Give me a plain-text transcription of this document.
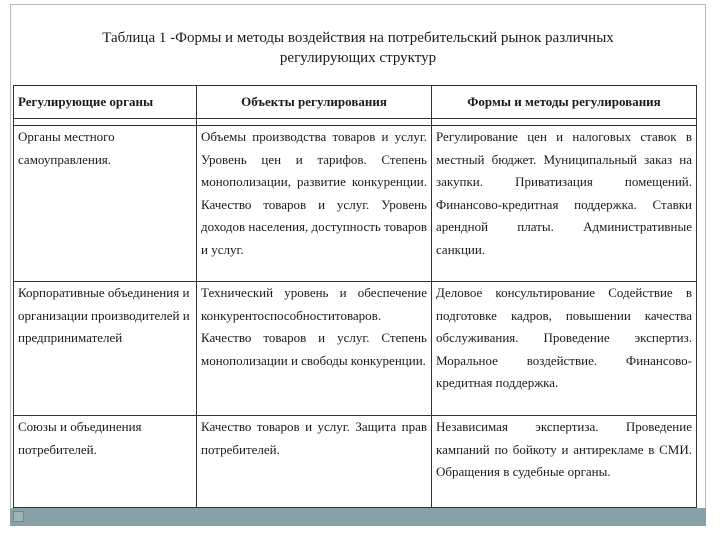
Таблица 1 -Формы и методы воздействия на потребительский рынок различных
регулирующих структур
Регулирующие органы	Объекты регулирования	Формы и методы регулирования

Органы местного самоуправления.	Объемы производства товаров и услуг. Уровень цен и тарифов. Степень монополизации, развитие конкуренции. Качество товаров и услуг. Уровень доходов населения, доступность товаров и услуг.	Регулирование цен и налоговых ставок в местный бюджет. Муниципальный заказ на закупки. Приватизация помещений. Финансово-кредитная поддержка. Ставки арендной платы. Административные санкции.
Корпоративные объединения и организации производителей и предпринимателей	Технический уровень и обеспечение конкурентоспособноститоваров. Качество товаров и услуг. Степень монополизации и свободы конкуренции.	Деловое консультирование Содействие в подготовке кадров, повышении качества обслуживания. Проведение экспертиз. Моральное воздействие. Финансово-кредитная поддержка.
Союзы и объединения потребителей.	Качество товаров и услуг. Защита прав потребителей.	Независимая экспертиза. Проведение кампаний по бойкоту и антирекламе в СМИ. Обращения в судебные органы.
